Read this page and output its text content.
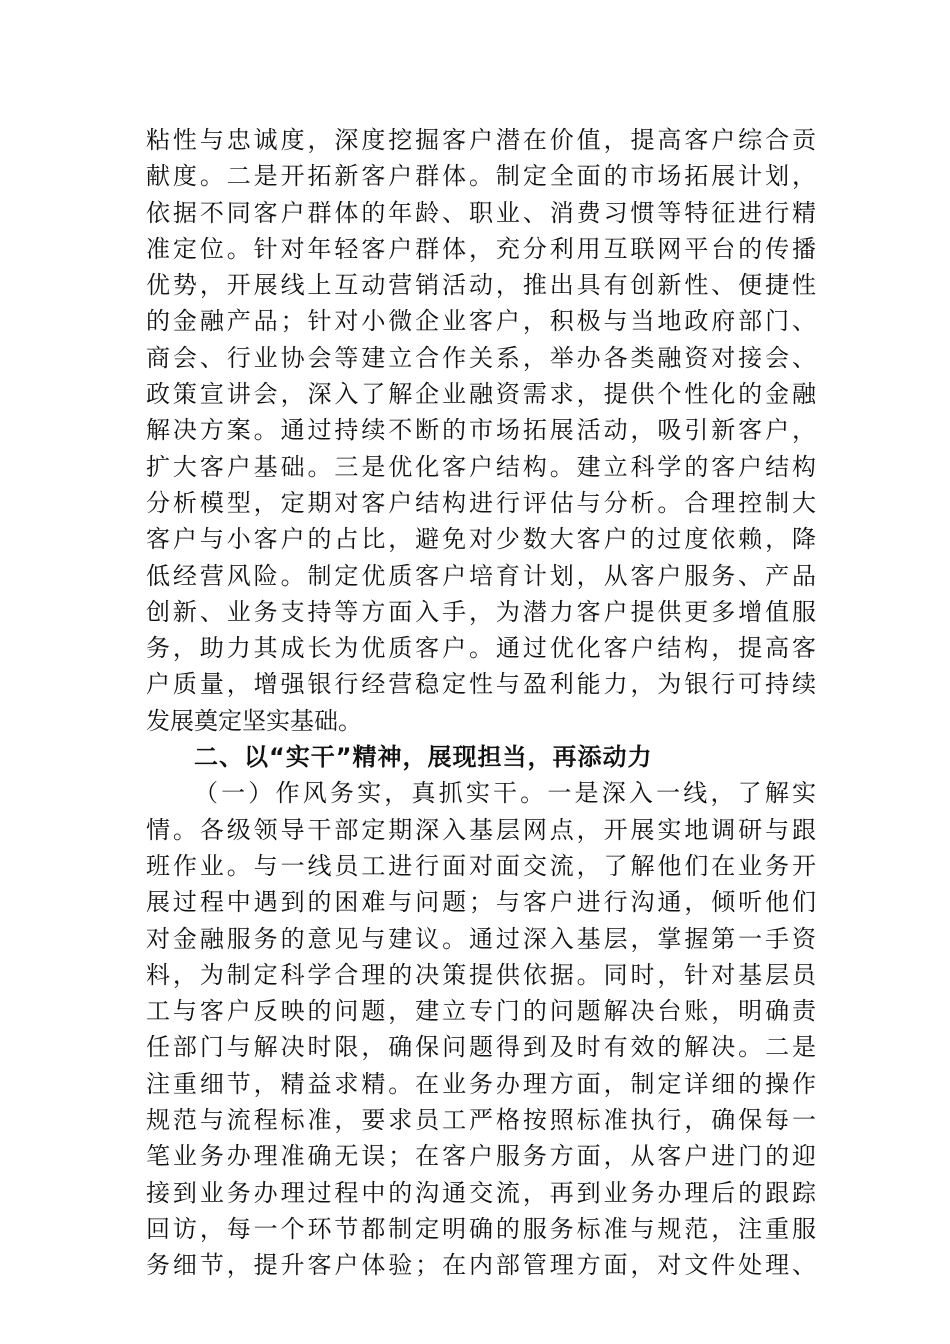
粘性与忠诚度，深度挖掘客户潜在价值，提高客户综合贡
献度。二是开拓新客户群体。制定全面的市场拓展计划，
依据不同客户群体的年龄、职业、消费习惯等特征进行精
准定位。针对年轻客户群体，充分利用互联网平台的传播
优势，开展线上互动营销活动，推出具有创新性、便捷性
的金融产品；针对小微企业客户，积极与当地政府部门、
商会、行业协会等建立合作关系，举办各类融资对接会、
政策宣讲会，深入了解企业融资需求，提供个性化的金融
解决方案。通过持续不断的市场拓展活动，吸引新客户，
扩大客户基础。三是优化客户结构。建立科学的客户结构
分析模型，定期对客户结构进行评估与分析。合理控制大
客户与小客户的占比，避免对少数大客户的过度依赖，降
低经营风险。制定优质客户培育计划，从客户服务、产品
创新、业务支持等方面入手，为潜力客户提供更多增值服
务，助力其成长为优质客户。通过优化客户结构，提高客
户质量，增强银行经营稳定性与盈利能力，为银行可持续
发展奠定坚实基础。
二、以“实干”精神，展现担当，再添动力
（一）作风务实，真抓实干。一是深入一线，了解实
情。各级领导干部定期深入基层网点，开展实地调研与跟
班作业。与一线员工进行面对面交流，了解他们在业务开
展过程中遇到的困难与问题；与客户进行沟通，倾听他们
对金融服务的意见与建议。通过深入基层，掌握第一手资
料，为制定科学合理的决策提供依据。同时，针对基层员
工与客户反映的问题，建立专门的问题解决台账，明确责
任部门与解决时限，确保问题得到及时有效的解决。二是
注重细节，精益求精。在业务办理方面，制定详细的操作
规范与流程标准，要求员工严格按照标准执行，确保每一
笔业务办理准确无误；在客户服务方面，从客户进门的迎
接到业务办理过程中的沟通交流，再到业务办理后的跟踪
回访，每一个环节都制定明确的服务标准与规范，注重服
务细节，提升客户体验；在内部管理方面，对文件处理、
